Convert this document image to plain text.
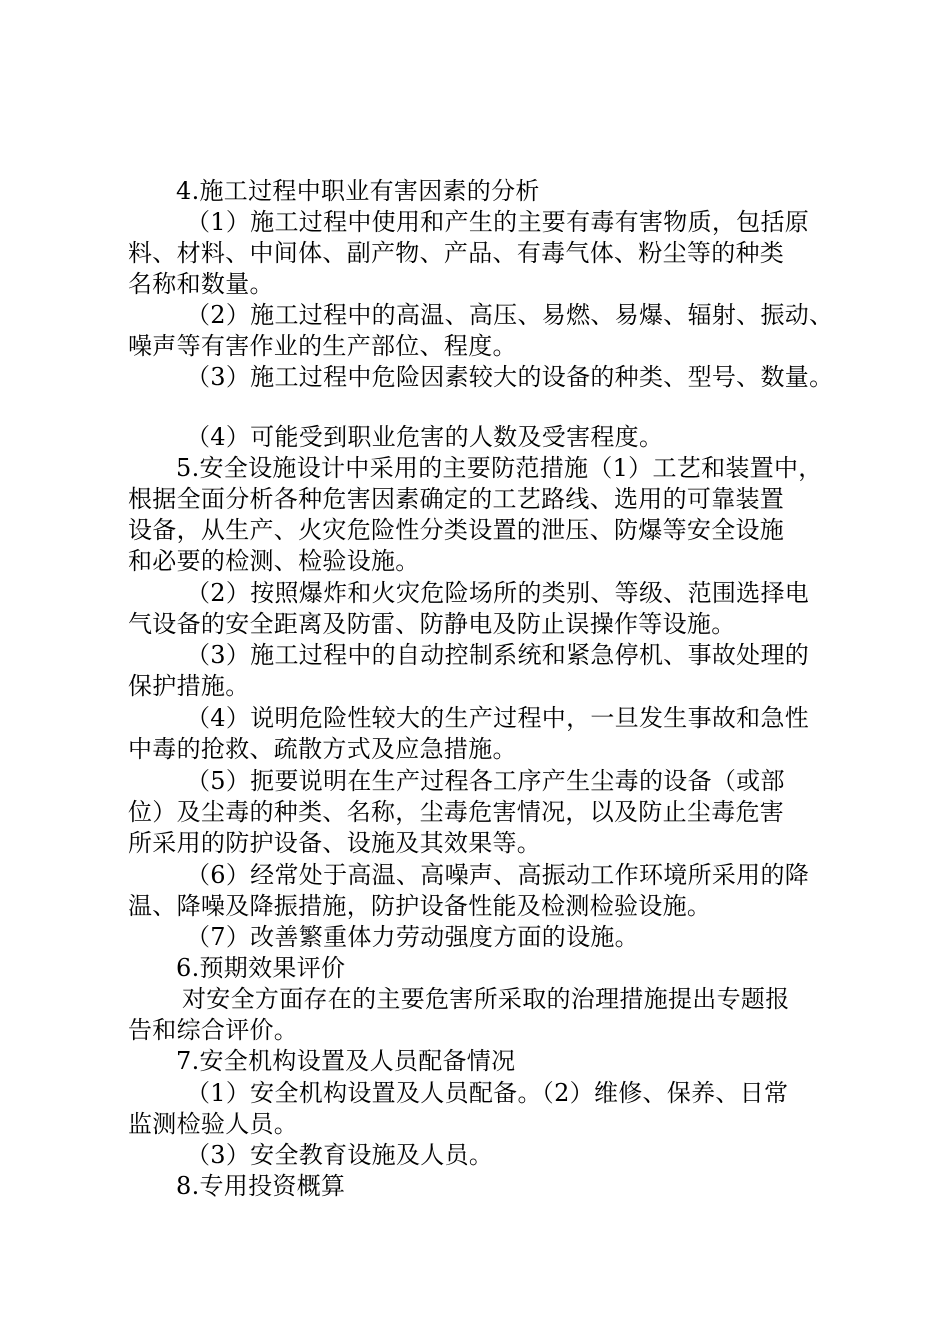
4.施工过程中职业有害因素的分析
（1）施工过程中使用和产生的主要有毒有害物质，包括原
料、材料、中间体、副产物、产品、有毒气体、粉尘等的种类
名称和数量。
（2）施工过程中的高温、高压、易燃、易爆、辐射、振动、
噪声等有害作业的生产部位、程度。
（3）施工过程中危险因素较大的设备的种类、型号、数量。
（4）可能受到职业危害的人数及受害程度。
5.安全设施设计中采用的主要防范措施（1）工艺和装置中，
根据全面分析各种危害因素确定的工艺路线、选用的可靠装置
设备，从生产、火灾危险性分类设置的泄压、防爆等安全设施
和必要的检测、检验设施。
（2）按照爆炸和火灾危险场所的类别、等级、范围选择电
气设备的安全距离及防雷、防静电及防止误操作等设施。
（3）施工过程中的自动控制系统和紧急停机、事故处理的
保护措施。
（4）说明危险性较大的生产过程中，一旦发生事故和急性
中毒的抢救、疏散方式及应急措施。
（5）扼要说明在生产过程各工序产生尘毒的设备（或部
位）及尘毒的种类、名称，尘毒危害情况，以及防止尘毒危害
所采用的防护设备、设施及其效果等。
（6）经常处于高温、高噪声、高振动工作环境所采用的降
温、降噪及降振措施，防护设备性能及检测检验设施。
（7）改善繁重体力劳动强度方面的设施。
6.预期效果评价
对安全方面存在的主要危害所采取的治理措施提出专题报
告和综合评价。
7.安全机构设置及人员配备情况
（1）安全机构设置及人员配备。（2）维修、保养、日常
监测检验人员。
（3）安全教育设施及人员。
8.专用投资概算
